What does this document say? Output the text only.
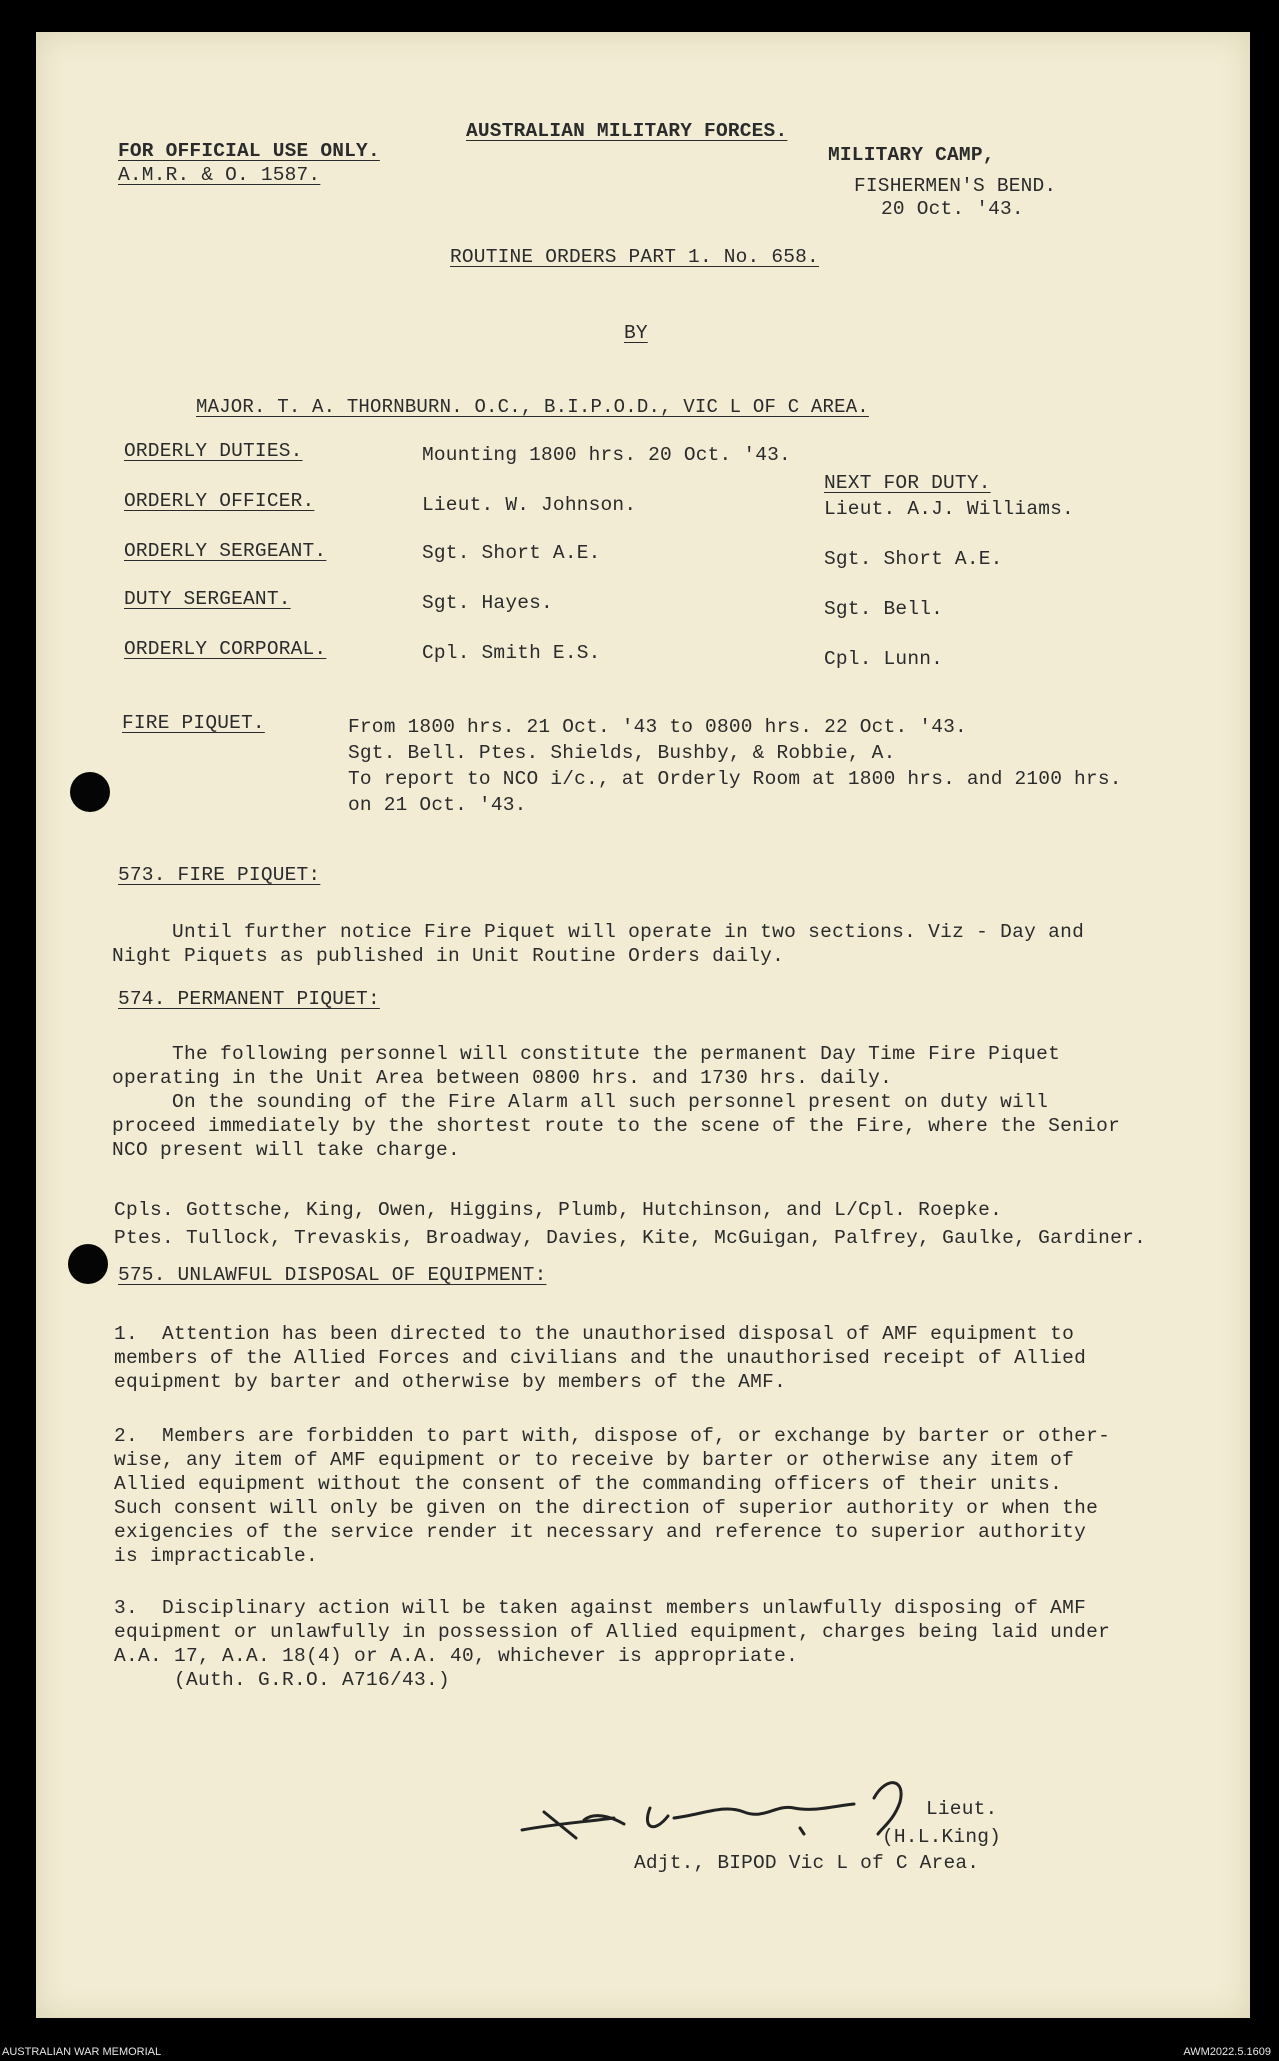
FOR OFFICIAL USE ONLY.
A.M.R. & O. 1587.
AUSTRALIAN MILITARY FORCES.
MILITARY CAMP,
FISHERMEN'S BEND.
20 Oct. '43.
ROUTINE ORDERS PART 1. No. 658.
BY
MAJOR. T. A. THORNBURN. O.C., B.I.P.O.D., VIC L OF C AREA.
ORDERLY DUTIES.	Mounting 1800 hrs. 20 Oct. '43.
NEXT FOR DUTY.
ORDERLY OFFICER.	Lieut. W. Johnson.	Lieut. A.J. Williams.
ORDERLY SERGEANT.	Sgt. Short A.E.	Sgt. Short A.E.
DUTY SERGEANT.	Sgt. Hayes.	Sgt. Bell.
ORDERLY CORPORAL.	Cpl. Smith E.S.	Cpl. Lunn.
FIRE PIQUET.	From 1800 hrs. 21 Oct. '43 to 0800 hrs. 22 Oct. '43.
Sgt. Bell. Ptes. Shields, Bushby, & Robbie, A.
To report to NCO i/c., at Orderly Room at 1800 hrs. and 2100 hrs.
on 21 Oct. '43.
573. FIRE PIQUET:
Until further notice Fire Piquet will operate in two sections. Viz - Day and
Night Piquets as published in Unit Routine Orders daily.
574. PERMANENT PIQUET:
The following personnel will constitute the permanent Day Time Fire Piquet
operating in the Unit Area between 0800 hrs. and 1730 hrs. daily.
On the sounding of the Fire Alarm all such personnel present on duty will
proceed immediately by the shortest route to the scene of the Fire, where the Senior
NCO present will take charge.
Cpls. Gottsche, King, Owen, Higgins, Plumb, Hutchinson, and L/Cpl. Roepke.
Ptes. Tullock, Trevaskis, Broadway, Davies, Kite, McGuigan, Palfrey, Gaulke, Gardiner.
575. UNLAWFUL DISPOSAL OF EQUIPMENT:
1.  Attention has been directed to the unauthorised disposal of AMF equipment to
members of the Allied Forces and civilians and the unauthorised receipt of Allied
equipment by barter and otherwise by members of the AMF.
2.  Members are forbidden to part with, dispose of, or exchange by barter or other-
wise, any item of AMF equipment or to receive by barter or otherwise any item of
Allied equipment without the consent of the commanding officers of their units.
Such consent will only be given on the direction of superior authority or when the
exigencies of the service render it necessary and reference to superior authority
is impracticable.
3.  Disciplinary action will be taken against members unlawfully disposing of AMF
equipment or unlawfully in possession of Allied equipment, charges being laid under
A.A. 17, A.A. 18(4) or A.A. 40, whichever is appropriate.
(Auth. G.R.O. A716/43.)
Lieut.
(H.L.King)
Adjt., BIPOD Vic L of C Area.
AUSTRALIAN WAR MEMORIAL	AWM2022.5.1609
